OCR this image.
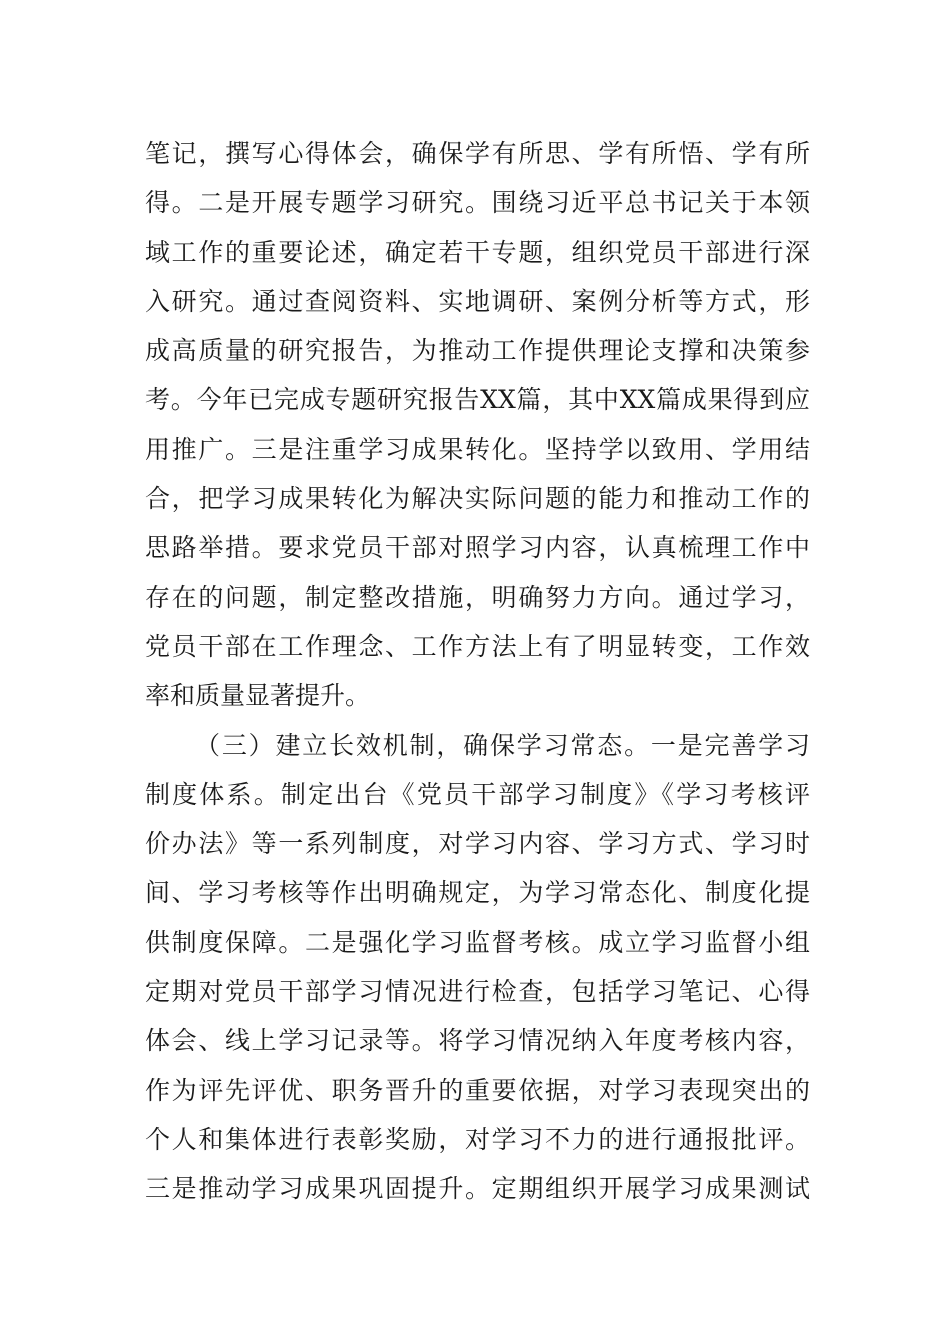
笔记，撰写心得体会，确保学有所思、学有所悟、学有所
得。二是开展专题学习研究。围绕习近平总书记关于本领
域工作的重要论述，确定若干专题，组织党员干部进行深
入研究。通过查阅资料、实地调研、案例分析等方式，形
成高质量的研究报告，为推动工作提供理论支撑和决策参
考。今年已完成专题研究报告XX篇，其中XX篇成果得到应
用推广。三是注重学习成果转化。坚持学以致用、学用结
合，把学习成果转化为解决实际问题的能力和推动工作的
思路举措。要求党员干部对照学习内容，认真梳理工作中
存在的问题，制定整改措施，明确努力方向。通过学习，
党员干部在工作理念、工作方法上有了明显转变，工作效
率和质量显著提升。
（三）建立长效机制，确保学习常态。一是完善学习
制度体系。制定出台《党员干部学习制度》《学习考核评
价办法》等一系列制度，对学习内容、学习方式、学习时
间、学习考核等作出明确规定，为学习常态化、制度化提
供制度保障。二是强化学习监督考核。成立学习监督小组
定期对党员干部学习情况进行检查，包括学习笔记、心得
体会、线上学习记录等。将学习情况纳入年度考核内容，
作为评先评优、职务晋升的重要依据，对学习表现突出的
个人和集体进行表彰奖励，对学习不力的进行通报批评。
三是推动学习成果巩固提升。定期组织开展学习成果测试
